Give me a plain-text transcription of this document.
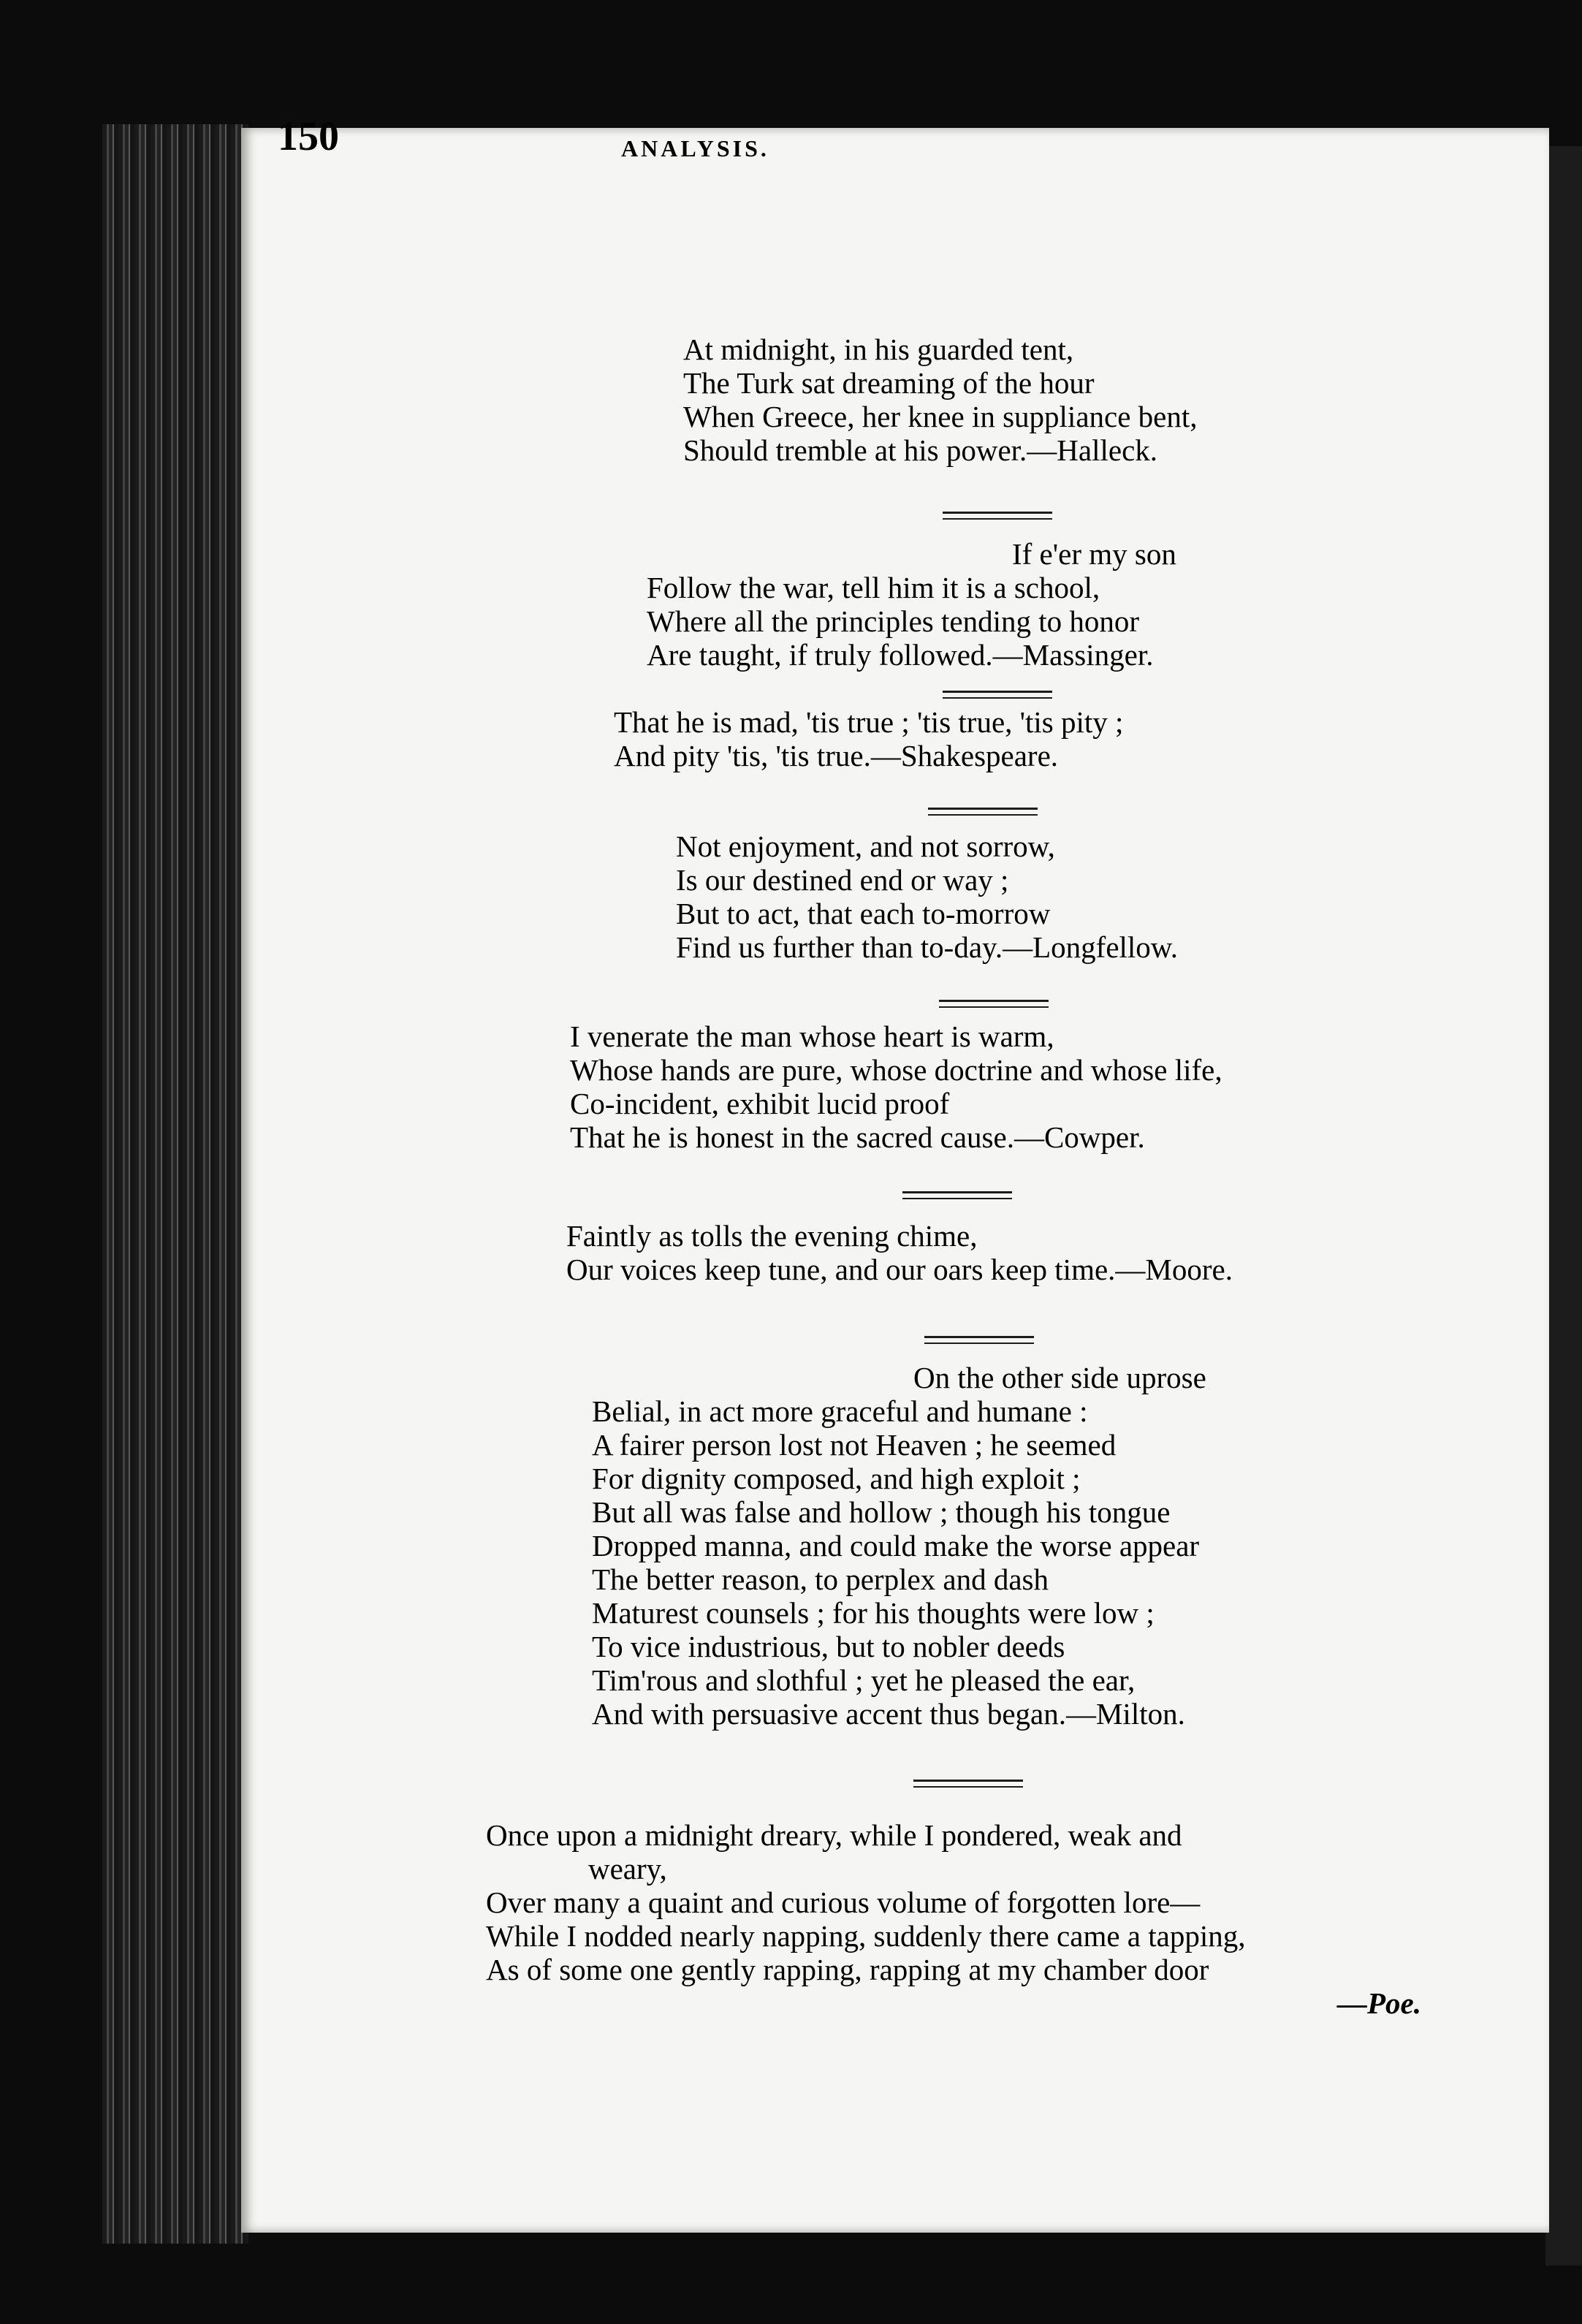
150	ANALYSIS.
At midnight, in his guarded tent,
The Turk sat dreaming of the hour
When Greece, her knee in suppliance bent,
Should tremble at his power.—Halleck.
If e'er my son
Follow the war, tell him it is a school,
Where all the principles tending to honor
Are taught, if truly followed.—Massinger.
That he is mad, 'tis true ; 'tis true, 'tis pity ;
And pity 'tis, 'tis true.—Shakespeare.
Not enjoyment, and not sorrow,
Is our destined end or way ;
But to act, that each to-morrow
Find us further than to-day.—Longfellow.
I venerate the man whose heart is warm,
Whose hands are pure, whose doctrine and whose life,
Co-incident, exhibit lucid proof
That he is honest in the sacred cause.—Cowper.
Faintly as tolls the evening chime,
Our voices keep tune, and our oars keep time.—Moore.
On the other side uprose
Belial, in act more graceful and humane :
A fairer person lost not Heaven ; he seemed
For dignity composed, and high exploit ;
But all was false and hollow ; though his tongue
Dropped manna, and could make the worse appear
The better reason, to perplex and dash
Maturest counsels ; for his thoughts were low ;
To vice industrious, but to nobler deeds
Tim'rous and slothful ; yet he pleased the ear,
And with persuasive accent thus began.—Milton.
Once upon a midnight dreary, while I pondered, weak and
weary,
Over many a quaint and curious volume of forgotten lore—
While I nodded nearly napping, suddenly there came a tapping,
As of some one gently rapping, rapping at my chamber door
—Poe.
